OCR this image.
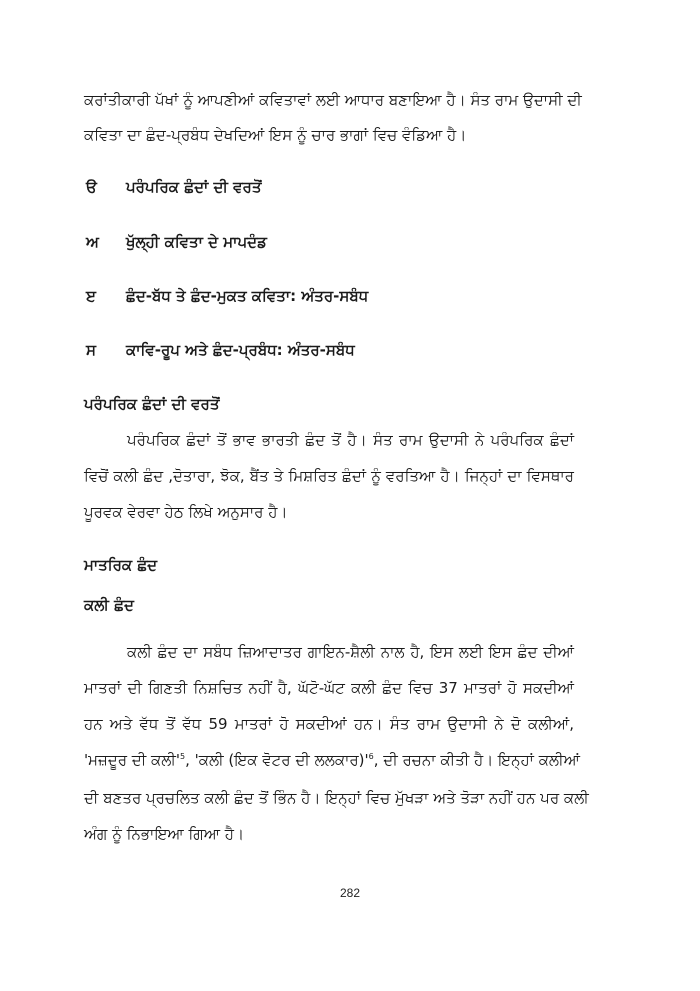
ਕਰਾਂਤੀਕਾਰੀ ਪੱਖਾਂ ਨੂੰ ਆਪਣੀਆਂ ਕਵਿਤਾਵਾਂ ਲਈ ਆਧਾਰ ਬਣਾਇਆ ਹੈ। ਸੰਤ ਰਾਮ ਉਦਾਸੀ ਦੀ
ਕਵਿਤਾ ਦਾ ਛੰਦ-ਪ੍ਰਬੰਧ ਦੇਖਦਿਆਂ ਇਸ ਨੂੰ ਚਾਰ ਭਾਗਾਂ ਵਿਚ ਵੰਡਿਆ ਹੈ।
ੳ ਪਰੰਪਰਿਕ ਛੰਦਾਂ ਦੀ ਵਰਤੋਂ
ਅ ਖੁੱਲ੍ਹੀ ਕਵਿਤਾ ਦੇ ਮਾਪਦੰਡ
ੲ ਛੰਦ-ਬੱਧ ਤੇ ਛੰਦ-ਮੁਕਤ ਕਵਿਤਾ: ਅੰਤਰ-ਸਬੰਧ
ਸ ਕਾਵਿ-ਰੂਪ ਅਤੇ ਛੰਦ-ਪ੍ਰਬੰਧ: ਅੰਤਰ-ਸਬੰਧ
ਪਰੰਪਰਿਕ ਛੰਦਾਂ ਦੀ ਵਰਤੋਂ
ਪਰੰਪਰਿਕ ਛੰਦਾਂ ਤੋਂ ਭਾਵ ਭਾਰਤੀ ਛੰਦ ਤੋਂ ਹੈ। ਸੰਤ ਰਾਮ ਉਦਾਸੀ ਨੇ ਪਰੰਪਰਿਕ ਛੰਦਾਂ
ਵਿਚੋਂ ਕਲੀ ਛੰਦ ,ਦੋਤਾਰਾ, ਝੋਕ, ਬੈਂਤ ਤੇ ਮਿਸ਼ਰਿਤ ਛੰਦਾਂ ਨੂੰ ਵਰਤਿਆ ਹੈ। ਜਿਨ੍ਹਾਂ ਦਾ ਵਿਸਥਾਰ
ਪੂਰਵਕ ਵੇਰਵਾ ਹੇਠ ਲਿਖੇ ਅਨੁਸਾਰ ਹੈ।
ਮਾਤਰਿਕ ਛੰਦ
ਕਲੀ ਛੰਦ
ਕਲੀ ਛੰਦ ਦਾ ਸਬੰਧ ਜ਼ਿਆਦਾਤਰ ਗਾਇਨ-ਸ਼ੈਲੀ ਨਾਲ ਹੈ, ਇਸ ਲਈ ਇਸ ਛੰਦ ਦੀਆਂ
ਮਾਤਰਾਂ ਦੀ ਗਿਣਤੀ ਨਿਸ਼ਚਿਤ ਨਹੀਂ ਹੈ, ਘੱਟੋ-ਘੱਟ ਕਲੀ ਛੰਦ ਵਿਚ 37 ਮਾਤਰਾਂ ਹੋ ਸਕਦੀਆਂ
ਹਨ ਅਤੇ ਵੱਧ ਤੋਂ ਵੱਧ 59 ਮਾਤਰਾਂ ਹੋ ਸਕਦੀਆਂ ਹਨ। ਸੰਤ ਰਾਮ ਉਦਾਸੀ ਨੇ ਦੋ ਕਲੀਆਂ,
'ਮਜ਼ਦੂਰ ਦੀ $ਕਲੀ'^5$, 'ਕਲੀ (ਇਕ ਵੋਟਰ ਦੀ $ਲਲਕਾਰ)'^6$, ਦੀ ਰਚਨਾ ਕੀਤੀ ਹੈ। ਇਨ੍ਹਾਂ ਕਲੀਆਂ
ਦੀ ਬਣਤਰ ਪ੍ਰਚਲਿਤ ਕਲੀ ਛੰਦ ਤੋਂ ਭਿੰਨ ਹੈ। ਇਨ੍ਹਾਂ ਵਿਚ ਮੁੱਖੜਾ ਅਤੇ ਤੋੜਾ ਨਹੀਂ ਹਨ ਪਰ ਕਲੀ
ਅੰਗ ਨੂੰ ਨਿਭਾਇਆ ਗਿਆ ਹੈ।
282
